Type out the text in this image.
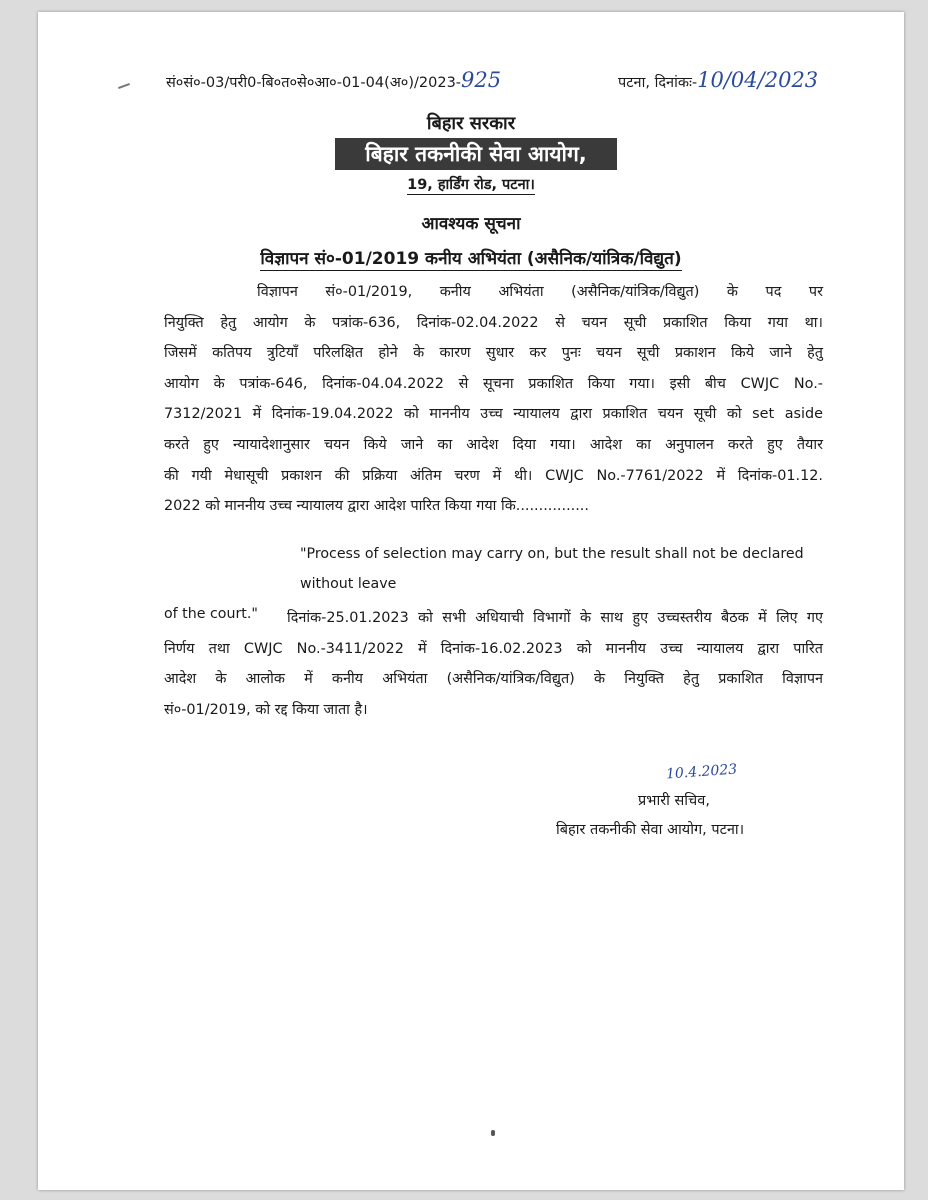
सं०सं०-03/परी0-बि०त०से०आ०-01-04(अ०)/2023-925	पटना, दिनांकः-10/04/2023
बिहार सरकार
बिहार तकनीकी सेवा आयोग,
19, हार्डिंग रोड, पटना।
आवश्यक सूचना
विज्ञापन सं०-01/2019 कनीय अभियंता (असैनिक/यांत्रिक/विद्युत)
विज्ञापन सं०-01/2019, कनीय अभियंता (असैनिक/यांत्रिक/विद्युत) के पद पर
नियुक्ति हेतु आयोग के पत्रांक-636, दिनांक-02.04.2022 से चयन सूची प्रकाशित किया गया था।
जिसमें कतिपय त्रुटियाँ परिलक्षित होने के कारण सुधार कर पुनः चयन सूची प्रकाशन किये जाने हेतु
आयोग के पत्रांक-646, दिनांक-04.04.2022 से सूचना प्रकाशित किया गया। इसी बीच CWJC No.-
7312/2021 में दिनांक-19.04.2022 को माननीय उच्च न्यायालय द्वारा प्रकाशित चयन सूची को set aside
करते हुए न्यायादेशानुसार चयन किये जाने का आदेश दिया गया। आदेश का अनुपालन करते हुए तैयार
की गयी मेधासूची प्रकाशन की प्रक्रिया अंतिम चरण में थी। CWJC No.-7761/2022 में दिनांक-01.12.
2022 को माननीय उच्च न्यायालय द्वारा आदेश पारित किया गया कि................
"Process of selection may carry on, but the result shall not be declared without leave
of the court."	दिनांक-25.01.2023 को सभी अधियाची विभागों के साथ हुए उच्चस्तरीय बैठक में लिए गए
निर्णय तथा CWJC No.-3411/2022 में दिनांक-16.02.2023 को माननीय उच्च न्यायालय द्वारा पारित
आदेश के आलोक में कनीय अभियंता (असैनिक/यांत्रिक/विद्युत) के नियुक्ति हेतु प्रकाशित विज्ञापन
सं०-01/2019, को रद्द किया जाता है।
10.4.2023
प्रभारी सचिव,
बिहार तकनीकी सेवा आयोग, पटना।
